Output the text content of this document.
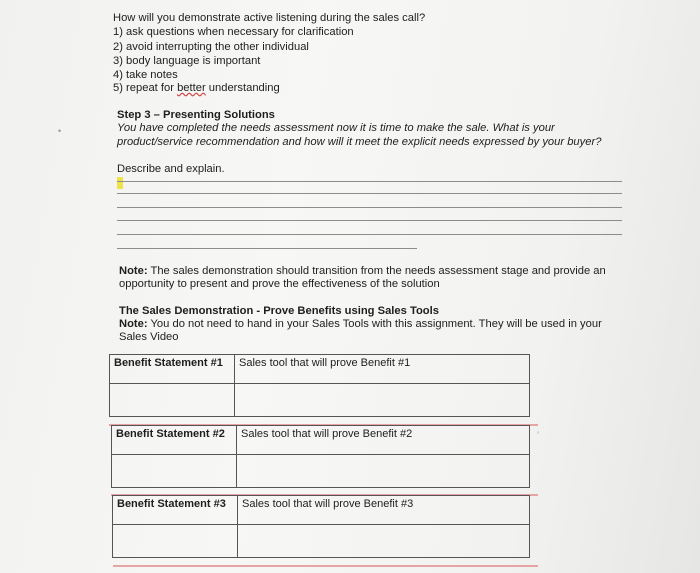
How will you demonstrate active listening during the sales call?
1) ask questions when necessary for clarification
2) avoid interrupting the other individual
3) body language is important
4) take notes
5) repeat for better understanding
Step 3 – Presenting Solutions
You have completed the needs assessment now it is time to make the sale. What is your
product/service recommendation and how will it meet the explicit needs expressed by your buyer?
Describe and explain.
Note: The sales demonstration should transition from the needs assessment stage and provide an
opportunity to present and prove the effectiveness of the solution
The Sales Demonstration - Prove Benefits using Sales Tools
Note: You do not need to hand in your Sales Tools with this assignment. They will be used in your
Sales Video
Benefit Statement #1	Sales tool that will prove Benefit #1

Benefit Statement #2	Sales tool that will prove Benefit #2

Benefit Statement #3	Sales tool that will prove Benefit #3

•
’
